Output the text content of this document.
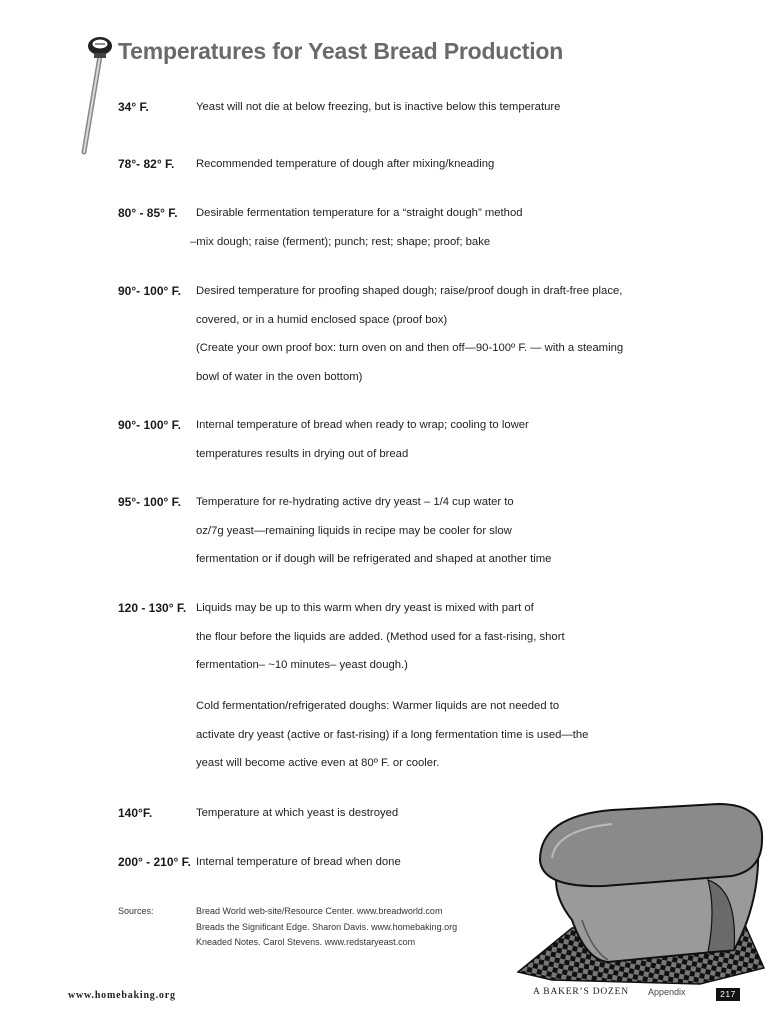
Temperatures for Yeast Bread Production
34° F.	Yeast will not die at below freezing, but is inactive below this temperature
78°- 82° F. Recommended temperature of dough after mixing/kneading
80° - 85° F. Desirable fermentation temperature for a “straight dough” method
–mix dough; raise (ferment); punch; rest; shape; proof; bake
90°- 100° F. Desired temperature for proofing shaped dough; raise/proof dough in draft-free place,
covered, or in a humid enclosed space (proof box)
(Create your own proof box: turn oven on and then off—90-100º F. — with a steaming
bowl of water in the oven bottom)
90°- 100° F. Internal temperature of bread when ready to wrap; cooling to lower
temperatures results in drying out of bread
95°- 100° F. Temperature for re-hydrating active dry yeast – 1/4 cup water to
oz/7g yeast—remaining liquids in recipe may be cooler for slow
fermentation or if dough will be refrigerated and shaped at another time
120 - 130° F. Liquids may be up to this warm when dry yeast is mixed with part of
the flour before the liquids are added. (Method used for a fast-rising, short
fermentation– ~10 minutes– yeast dough.)
Cold fermentation/refrigerated doughs: Warmer liquids are not needed to
activate dry yeast (active or fast-rising) if a long fermentation time is used—the
yeast will become active even at 80º F. or cooler.
140°F.	Temperature at which yeast is destroyed
200° - 210° F. Internal temperature of bread when done
Sources:	Bread World web-site/Resource Center. www.breadworld.com
Breads the Significant Edge. Sharon Davis. www.homebaking.org
Kneaded Notes. Carol Stevens. www.redstaryeast.com
www.homebaking.org	A BAKER’S DOZEN Appendix	217
